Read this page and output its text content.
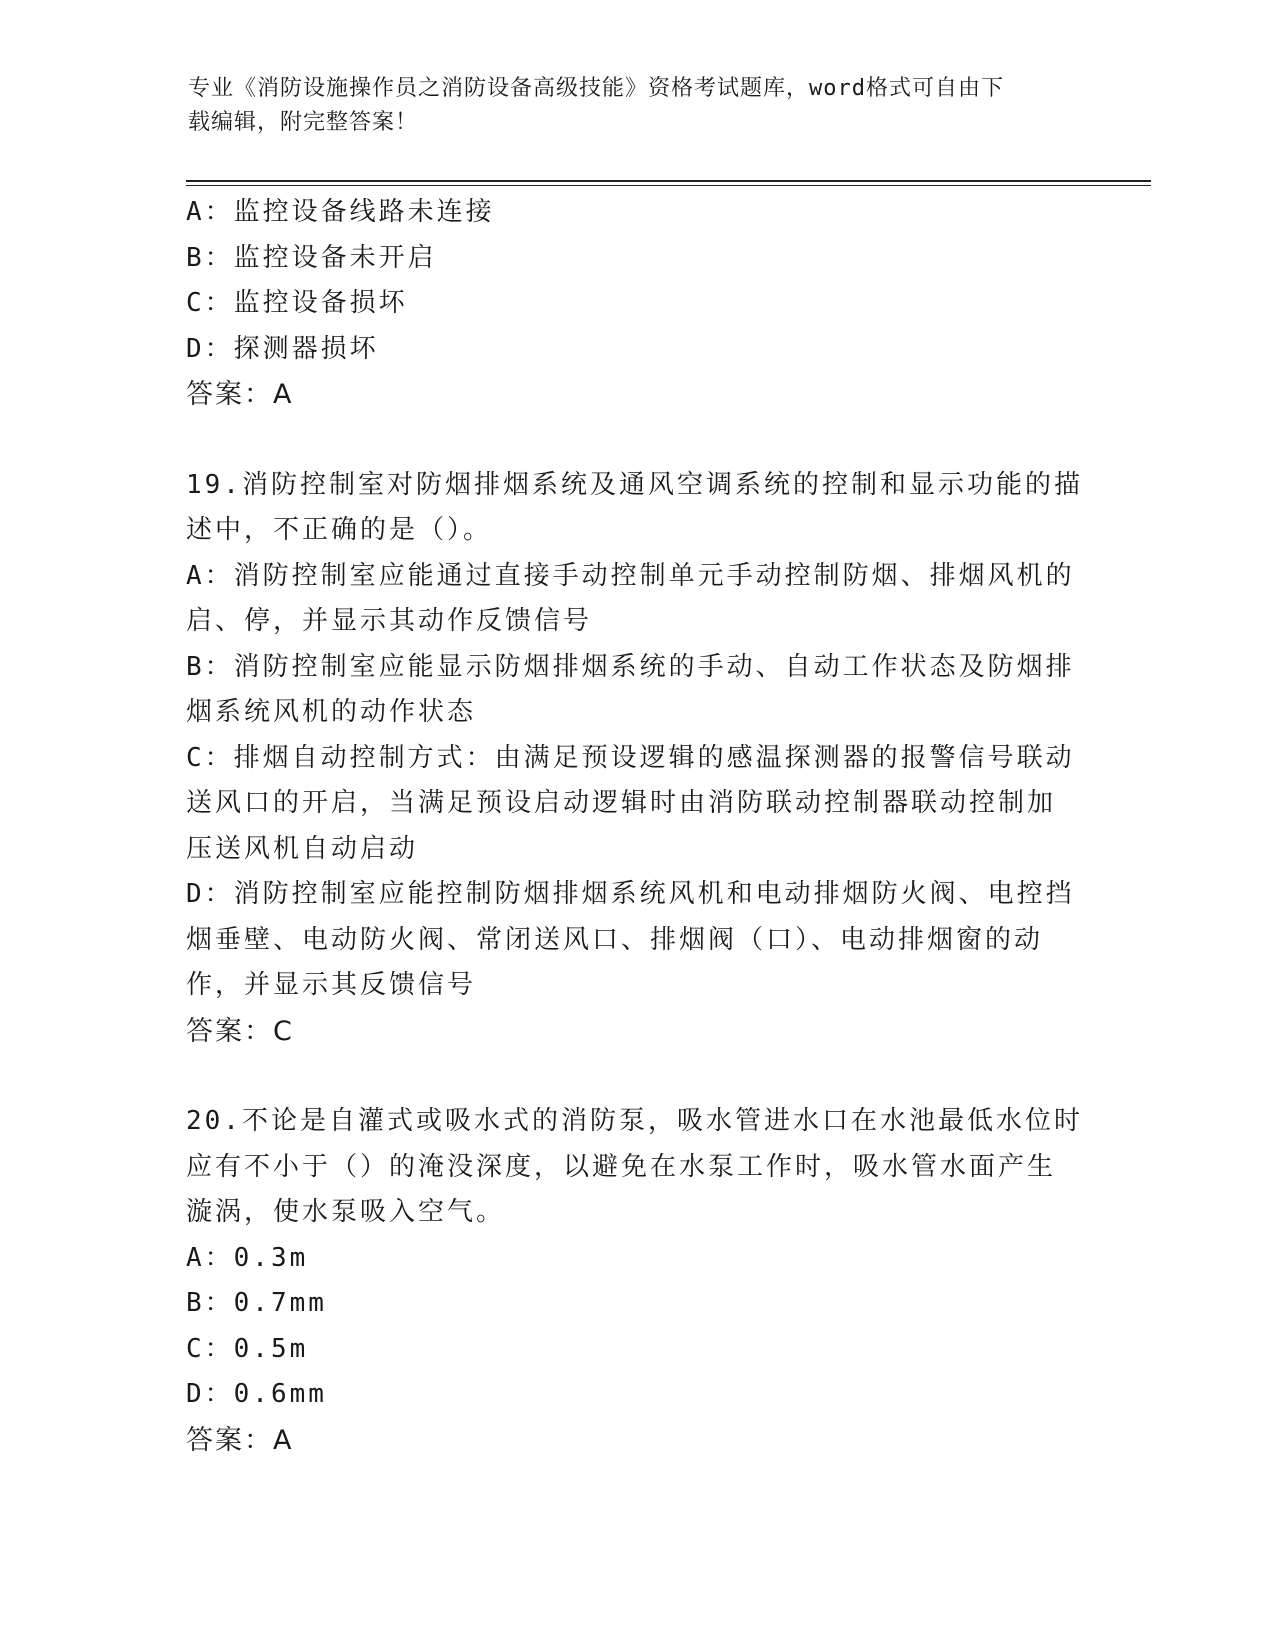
专业《消防设施操作员之消防设备高级技能》资格考试题库，word格式可自由下
载编辑，附完整答案！
A：监控设备线路未连接
B：监控设备未开启
C：监控设备损坏
D：探测器损坏
答案：A
19.消防控制室对防烟排烟系统及通风空调系统的控制和显示功能的描
述中，不正确的是（）。
A：消防控制室应能通过直接手动控制单元手动控制防烟、排烟风机的
启、停，并显示其动作反馈信号
B：消防控制室应能显示防烟排烟系统的手动、自动工作状态及防烟排
烟系统风机的动作状态
C：排烟自动控制方式：由满足预设逻辑的感温探测器的报警信号联动
送风口的开启，当满足预设启动逻辑时由消防联动控制器联动控制加
压送风机自动启动
D：消防控制室应能控制防烟排烟系统风机和电动排烟防火阀、电控挡
烟垂壁、电动防火阀、常闭送风口、排烟阀（口）、电动排烟窗的动
作，并显示其反馈信号
答案：C
20.不论是自灌式或吸水式的消防泵，吸水管进水口在水池最低水位时
应有不小于（）的淹没深度，以避免在水泵工作时，吸水管水面产生
漩涡，使水泵吸入空气。
A：0.3m
B：0.7mm
C：0.5m
D：0.6mm
答案：A
